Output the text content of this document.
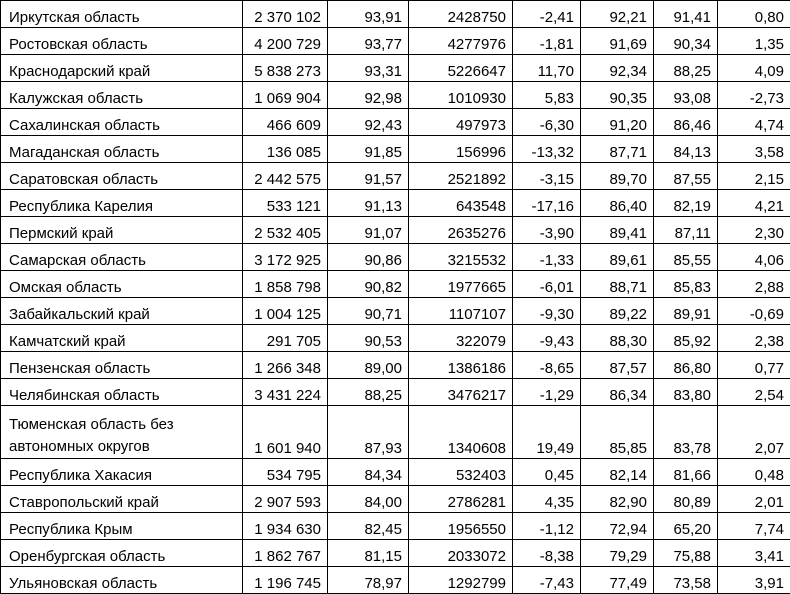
Иркутская область	2 370 102	93,91	2428750	-2,41	92,21	91,41	0,80
Ростовская область	4 200 729	93,77	4277976	-1,81	91,69	90,34	1,35
Краснодарский край	5 838 273	93,31	5226647	11,70	92,34	88,25	4,09
Калужская область	1 069 904	92,98	1010930	5,83	90,35	93,08	-2,73
Сахалинская область	466 609	92,43	497973	-6,30	91,20	86,46	4,74
Магаданская область	136 085	91,85	156996	-13,32	87,71	84,13	3,58
Саратовская область	2 442 575	91,57	2521892	-3,15	89,70	87,55	2,15
Республика Карелия	533 121	91,13	643548	-17,16	86,40	82,19	4,21
Пермский край	2 532 405	91,07	2635276	-3,90	89,41	87,11	2,30
Самарская область	3 172 925	90,86	3215532	-1,33	89,61	85,55	4,06
Омская область	1 858 798	90,82	1977665	-6,01	88,71	85,83	2,88
Забайкальский край	1 004 125	90,71	1107107	-9,30	89,22	89,91	-0,69
Камчатский край	291 705	90,53	322079	-9,43	88,30	85,92	2,38
Пензенская область	1 266 348	89,00	1386186	-8,65	87,57	86,80	0,77
Челябинская область	3 431 224	88,25	3476217	-1,29	86,34	83,80	2,54
Тюменская область без автономных округов	1 601 940	87,93	1340608	19,49	85,85	83,78	2,07
Республика Хакасия	534 795	84,34	532403	0,45	82,14	81,66	0,48
Ставропольский край	2 907 593	84,00	2786281	4,35	82,90	80,89	2,01
Республика Крым	1 934 630	82,45	1956550	-1,12	72,94	65,20	7,74
Оренбургская область	1 862 767	81,15	2033072	-8,38	79,29	75,88	3,41
Ульяновская область	1 196 745	78,97	1292799	-7,43	77,49	73,58	3,91
